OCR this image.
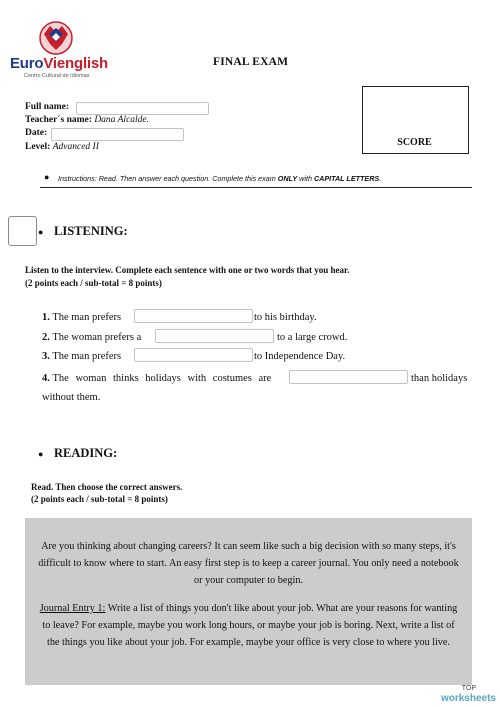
EuroVienglish
Centro Cultural de Idiomas
FINAL EXAM
Full name:
Teacher´s name: Dana Alcalde.
Date:
Level: Advanced II	SCORE
● Instructions: Read. Then answer each question. Complete this exam ONLY with CAPITAL LETTERS.
● LISTENING:
Listen to the interview. Complete each sentence with one or two words that you hear.
(2 points each / sub-total = 8 points)
1. The man prefers	to his birthday.
2. The woman prefers a	to a large crowd.
3. The man prefers	to Independence Day.
4. The woman thinks holidays with costumes are	than holidays
without them.
● READING:
Read. Then choose the correct answers.
(2 points each / sub-total = 8 points)
Are you thinking about changing careers? It can seem like such a big decision with so many steps, it's difficult to know where to start. An easy first step is to keep a career journal. You only need a notebook or your computer to begin.
Journal Entry 1: Write a list of things you don't like about your job. What are your reasons for wanting to leave? For example, maybe you work long hours, or maybe your job is boring. Next, write a list of the things you like about your job. For example, maybe your office is very close to where you live.
TOP
worksheets
